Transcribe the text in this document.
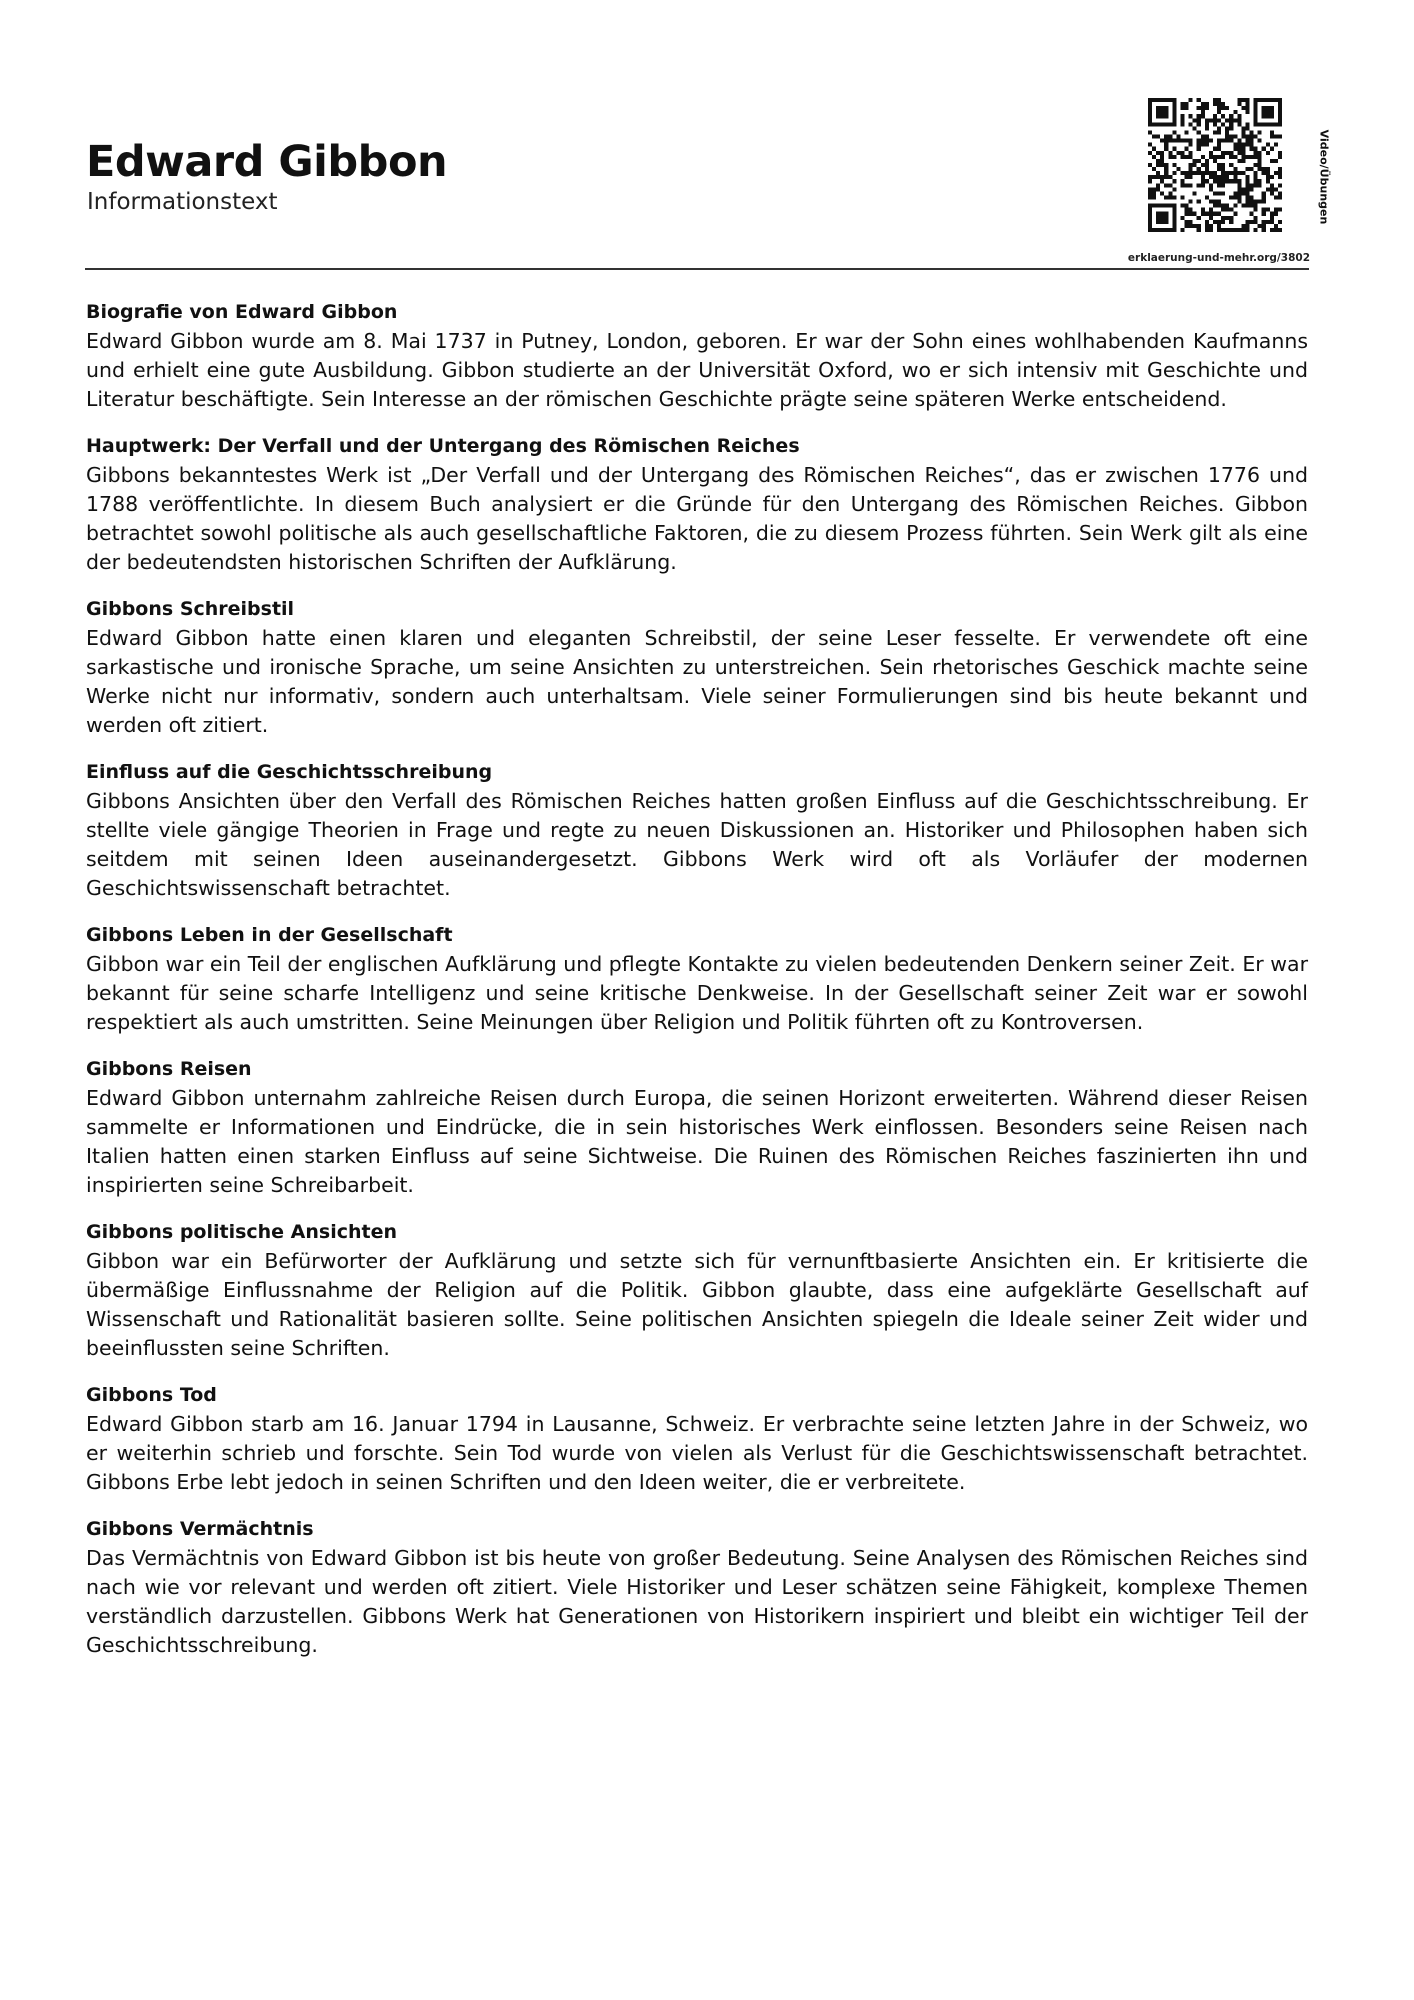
Edward Gibbon
Informationstext	Video/Übungen
erklaerung-und-mehr.org/3802
Biografie von Edward Gibbon

Edward Gibbon wurde am 8. Mai 1737 in Putney, London, geboren. Er war der Sohn eines wohlhabenden Kaufmanns und erhielt eine gute Ausbildung. Gibbon studierte an der Universität Oxford, wo er sich intensiv mit Geschichte und Literatur beschäftigte. Sein Interesse an der römischen Geschichte prägte seine späteren Werke entscheidend.

Hauptwerk: Der Verfall und der Untergang des Römischen Reiches

Gibbons bekanntestes Werk ist „Der Verfall und der Untergang des Römischen Reiches“, das er zwischen 1776 und 1788 veröffentlichte. In diesem Buch analysiert er die Gründe für den Untergang des Römischen Reiches. Gibbon betrachtet sowohl politische als auch gesellschaftliche Faktoren, die zu diesem Prozess führten. Sein Werk gilt als eine der bedeutendsten historischen Schriften der Aufklärung.

Gibbons Schreibstil

Edward Gibbon hatte einen klaren und eleganten Schreibstil, der seine Leser fesselte. Er verwendete oft eine sarkastische und ironische Sprache, um seine Ansichten zu unterstreichen. Sein rhetorisches Geschick machte seine Werke nicht nur informativ, sondern auch unterhaltsam. Viele seiner Formulierungen sind bis heute bekannt und werden oft zitiert.

Einfluss auf die Geschichtsschreibung

Gibbons Ansichten über den Verfall des Römischen Reiches hatten großen Einfluss auf die Geschichtsschreibung. Er stellte viele gängige Theorien in Frage und regte zu neuen Diskussionen an. Historiker und Philosophen haben sich seitdem mit seinen Ideen auseinandergesetzt. Gibbons Werk wird oft als Vorläufer der modernen Geschichtswissenschaft betrachtet.

Gibbons Leben in der Gesellschaft

Gibbon war ein Teil der englischen Aufklärung und pflegte Kontakte zu vielen bedeutenden Denkern seiner Zeit. Er war bekannt für seine scharfe Intelligenz und seine kritische Denkweise. In der Gesellschaft seiner Zeit war er sowohl respektiert als auch umstritten. Seine Meinungen über Religion und Politik führten oft zu Kontroversen.

Gibbons Reisen

Edward Gibbon unternahm zahlreiche Reisen durch Europa, die seinen Horizont erweiterten. Während dieser Reisen sammelte er Informationen und Eindrücke, die in sein historisches Werk einflossen. Besonders seine Reisen nach Italien hatten einen starken Einfluss auf seine Sichtweise. Die Ruinen des Römischen Reiches faszinierten ihn und inspirierten seine Schreibarbeit.

Gibbons politische Ansichten

Gibbon war ein Befürworter der Aufklärung und setzte sich für vernunftbasierte Ansichten ein. Er kritisierte die übermäßige Einflussnahme der Religion auf die Politik. Gibbon glaubte, dass eine aufgeklärte Gesellschaft auf Wissenschaft und Rationalität basieren sollte. Seine politischen Ansichten spiegeln die Ideale seiner Zeit wider und beeinflussten seine Schriften.

Gibbons Tod

Edward Gibbon starb am 16. Januar 1794 in Lausanne, Schweiz. Er verbrachte seine letzten Jahre in der Schweiz, wo er weiterhin schrieb und forschte. Sein Tod wurde von vielen als Verlust für die Geschichtswissenschaft betrachtet. Gibbons Erbe lebt jedoch in seinen Schriften und den Ideen weiter, die er verbreitete.

Gibbons Vermächtnis

Das Vermächtnis von Edward Gibbon ist bis heute von großer Bedeutung. Seine Analysen des Römischen Reiches sind nach wie vor relevant und werden oft zitiert. Viele Historiker und Leser schätzen seine Fähigkeit, komplexe Themen verständlich darzustellen. Gibbons Werk hat Generationen von Historikern inspiriert und bleibt ein wichtiger Teil der Geschichtsschreibung.
